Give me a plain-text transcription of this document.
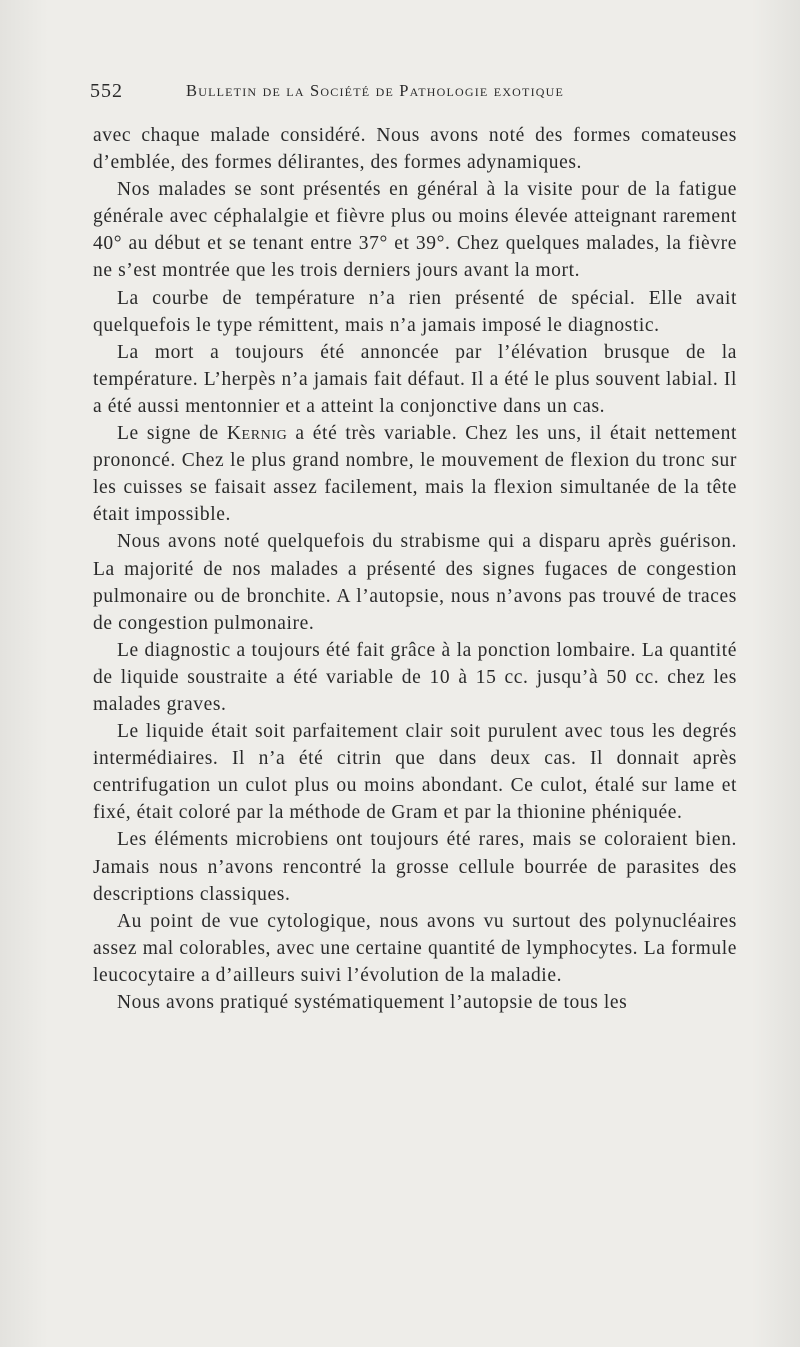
552	Bulletin de la Société de Pathologie exotique

avec chaque malade considéré. Nous avons noté des formes comateuses d’emblée, des formes délirantes, des formes adynamiques.

Nos malades se sont présentés en général à la visite pour de la fatigue générale avec céphalalgie et fièvre plus ou moins élevée atteignant rarement 40° au début et se tenant entre 37° et 39°. Chez quelques malades, la fièvre ne s’est montrée que les trois derniers jours avant la mort.

La courbe de température n’a rien présenté de spécial. Elle avait quelquefois le type rémittent, mais n’a jamais imposé le diagnostic.

La mort a toujours été annoncée par l’élévation brusque de la température. L’herpès n’a jamais fait défaut. Il a été le plus souvent labial. Il a été aussi mentonnier et a atteint la conjonctive dans un cas.

Le signe de Kernig a été très variable. Chez les uns, il était nettement prononcé. Chez le plus grand nombre, le mouvement de flexion du tronc sur les cuisses se faisait assez facilement, mais la flexion simultanée de la tête était impossible.

Nous avons noté quelquefois du strabisme qui a disparu après guérison. La majorité de nos malades a présenté des signes fugaces de congestion pulmonaire ou de bronchite. A l’autopsie, nous n’avons pas trouvé de traces de congestion pulmonaire.

Le diagnostic a toujours été fait grâce à la ponction lombaire. La quantité de liquide soustraite a été variable de 10 à 15 cc. jusqu’à 50 cc. chez les malades graves.

Le liquide était soit parfaitement clair soit purulent avec tous les degrés intermédiaires. Il n’a été citrin que dans deux cas. Il donnait après centrifugation un culot plus ou moins abondant. Ce culot, étalé sur lame et fixé, était coloré par la méthode de Gram et par la thionine phéniquée.

Les éléments microbiens ont toujours été rares, mais se coloraient bien. Jamais nous n’avons rencontré la grosse cellule bourrée de parasites des descriptions classiques.

Au point de vue cytologique, nous avons vu surtout des polynucléaires assez mal colorables, avec une certaine quantité de lymphocytes. La formule leucocytaire a d’ailleurs suivi l’évolution de la maladie.

Nous avons pratiqué systématiquement l’autopsie de tous les
